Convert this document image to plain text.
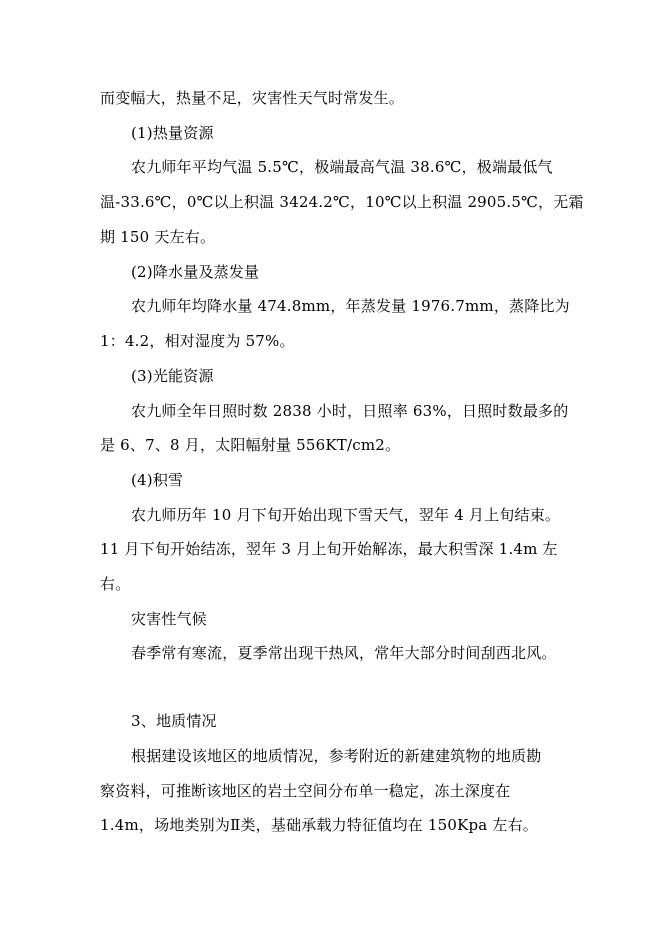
而变幅大，热量不足，灾害性天气时常发生。
(1)热量资源
农九师年平均气温 5.5℃，极端最高气温 38.6℃，极端最低气
温-33.6℃，0℃以上积温 3424.2℃，10℃以上积温 2905.5℃，无霜
期 150 天左右。
(2)降水量及蒸发量
农九师年均降水量 474.8mm，年蒸发量 1976.7mm，蒸降比为
1：4.2，相对湿度为 57%。
(3)光能资源
农九师全年日照时数 2838 小时，日照率 63%，日照时数最多的
是 6、7、8 月，太阳幅射量 556KT/cm2。
(4)积雪
农九师历年 10 月下旬开始出现下雪天气，翌年 4 月上旬结束。
11 月下旬开始结冻，翌年 3 月上旬开始解冻，最大积雪深 1.4m 左
右。
灾害性气候
春季常有寒流，夏季常出现干热风，常年大部分时间刮西北风。
3、地质情况
根据建设该地区的地质情况，参考附近的新建建筑物的地质勘
察资料，可推断该地区的岩土空间分布单一稳定，冻土深度在
1.4m，场地类别为Ⅱ类，基础承载力特征值均在 150Kpa 左右。
